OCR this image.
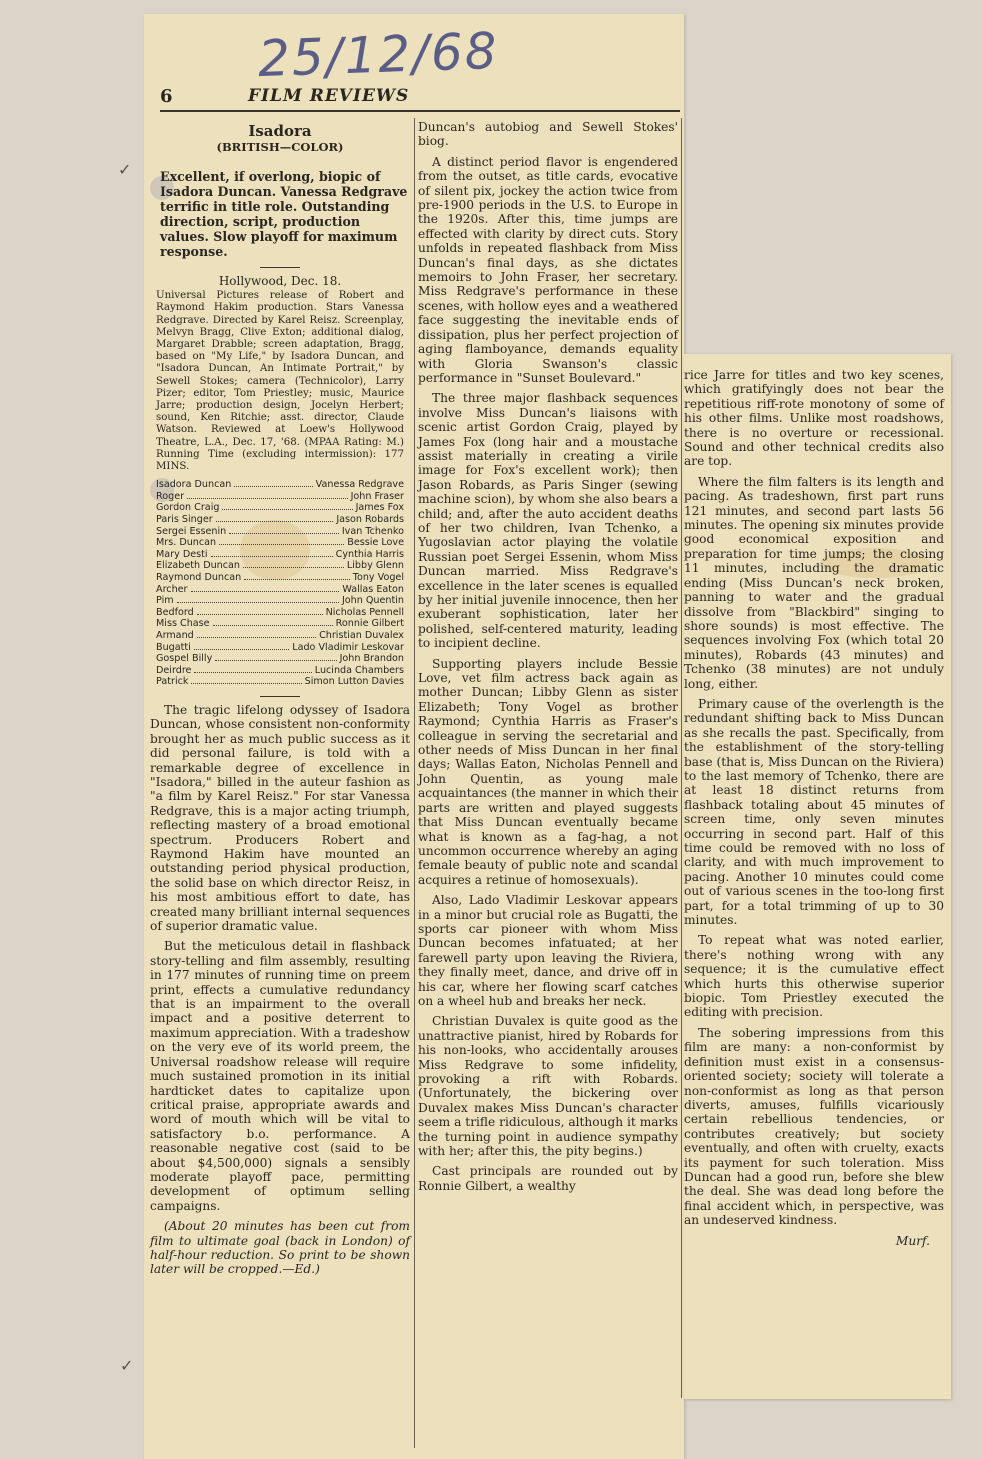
✓
✓
25/12/68
6	FILM REVIEWS
Isadora
(BRITISH—COLOR)
Excellent, if overlong, biopic of Isadora Duncan. Vanessa Redgrave terrific in title role. Outstanding direction, script, production values. Slow playoff for maximum response.
Hollywood, Dec. 18.
Universal Pictures release of Robert and Raymond Hakim production. Stars Vanessa Redgrave. Directed by Karel Reisz. Screenplay, Melvyn Bragg, Clive Exton; additional dialog, Margaret Drabble; screen adaptation, Bragg, based on "My Life," by Isadora Duncan, and "Isadora Duncan, An Intimate Portrait," by Sewell Stokes; camera (Technicolor), Larry Pizer; editor, Tom Priestley; music, Maurice Jarre; production design, Jocelyn Herbert; sound, Ken Ritchie; asst. director, Claude Watson. Reviewed at Loew's Hollywood Theatre, L.A., Dec. 17, '68. (MPAA Rating: M.) Running Time (excluding intermission): 177 MINS.
Isadora Duncan	Vanessa Redgrave
Roger	John Fraser
Gordon Craig	James Fox
Paris Singer	Jason Robards
Sergei Essenin	Ivan Tchenko
Mrs. Duncan	Bessie Love
Mary Desti	Cynthia Harris
Elizabeth Duncan	Libby Glenn
Raymond Duncan	Tony Vogel
Archer	Wallas Eaton
Pim	John Quentin
Bedford	Nicholas Pennell
Miss Chase	Ronnie Gilbert
Armand	Christian Duvalex
Bugatti	Lado Vladimir Leskovar
Gospel Billy	John Brandon
Deirdre	Lucinda Chambers
Patrick	Simon Lutton Davies

The tragic lifelong odyssey of Isadora Duncan, whose consistent non-conformity brought her as much public success as it did personal failure, is told with a remarkable degree of excellence in "Isadora," billed in the auteur fashion as "a film by Karel Reisz." For star Vanessa Redgrave, this is a major acting triumph, reflecting mastery of a broad emotional spectrum. Producers Robert and Raymond Hakim have mounted an outstanding period physical production, the solid base on which director Reisz, in his most ambitious effort to date, has created many brilliant internal sequences of superior dramatic value.

But the meticulous detail in flashback story-telling and film assembly, resulting in 177 minutes of running time on preem print, effects a cumulative redundancy that is an impairment to the overall impact and a positive deterrent to maximum appreciation. With a tradeshow on the very eve of its world preem, the Universal roadshow release will require much sustained promotion in its initial hardticket dates to capitalize upon critical praise, appropriate awards and word of mouth which will be vital to satisfactory b.o. performance. A reasonable negative cost (said to be about $4,500,000) signals a sensibly moderate playoff pace, permitting development of optimum selling campaigns.

(About 20 minutes has been cut from film to ultimate goal (back in London) of half-hour reduction. So print to be shown later will be cropped.—Ed.)

Duncan's autobiog and Sewell Stokes' biog.

A distinct period flavor is engendered from the outset, as title cards, evocative of silent pix, jockey the action twice from pre-1900 periods in the U.S. to Europe in the 1920s. After this, time jumps are effected with clarity by direct cuts. Story unfolds in repeated flashback from Miss Duncan's final days, as she dictates memoirs to John Fraser, her secretary. Miss Redgrave's performance in these scenes, with hollow eyes and a weathered face suggesting the inevitable ends of dissipation, plus her perfect projection of aging flamboyance, demands equality with Gloria Swanson's classic performance in "Sunset Boulevard."

The three major flashback sequences involve Miss Duncan's liaisons with scenic artist Gordon Craig, played by James Fox (long hair and a moustache assist materially in creating a virile image for Fox's excellent work); then Jason Robards, as Paris Singer (sewing machine scion), by whom she also bears a child; and, after the auto accident deaths of her two children, Ivan Tchenko, a Yugoslavian actor playing the volatile Russian poet Sergei Essenin, whom Miss Duncan married. Miss Redgrave's excellence in the later scenes is equalled by her initial juvenile innocence, then her exuberant sophistication, later her polished, self-centered maturity, leading to incipient decline.

Supporting players include Bessie Love, vet film actress back again as mother Duncan; Libby Glenn as sister Elizabeth; Tony Vogel as brother Raymond; Cynthia Harris as Fraser's colleague in serving the secretarial and other needs of Miss Duncan in her final days; Wallas Eaton, Nicholas Pennell and John Quentin, as young male acquaintances (the manner in which their parts are written and played suggests that Miss Duncan eventually became what is known as a fag-hag, a not uncommon occurrence whereby an aging female beauty of public note and scandal acquires a retinue of homosexuals).

Also, Lado Vladimir Leskovar appears in a minor but crucial role as Bugatti, the sports car pioneer with whom Miss Duncan becomes infatuated; at her farewell party upon leaving the Riviera, they finally meet, dance, and drive off in his car, where her flowing scarf catches on a wheel hub and breaks her neck.

Christian Duvalex is quite good as the unattractive pianist, hired by Robards for his non-looks, who accidentally arouses Miss Redgrave to some infidelity, provoking a rift with Robards. (Unfortunately, the bickering over Duvalex makes Miss Duncan's character seem a trifle ridiculous, although it marks the turning point in audience sympathy with her; after this, the pity begins.)

Cast principals are rounded out by Ronnie Gilbert, a wealthy

rice Jarre for titles and two key scenes, which gratifyingly does not bear the repetitious riff-rote monotony of some of his other films. Unlike most roadshows, there is no overture or recessional. Sound and other technical credits also are top.

Where the film falters is its length and pacing. As tradeshown, first part runs 121 minutes, and second part lasts 56 minutes. The opening six minutes provide good economical exposition and preparation for time jumps; the closing 11 minutes, including the dramatic ending (Miss Duncan's neck broken, panning to water and the gradual dissolve from "Blackbird" singing to shore sounds) is most effective. The sequences involving Fox (which total 20 minutes), Robards (43 minutes) and Tchenko (38 minutes) are not unduly long, either.

Primary cause of the overlength is the redundant shifting back to Miss Duncan as she recalls the past. Specifically, from the establishment of the story-telling base (that is, Miss Duncan on the Riviera) to the last memory of Tchenko, there are at least 18 distinct returns from flashback totaling about 45 minutes of screen time, only seven minutes occurring in second part. Half of this time could be removed with no loss of clarity, and with much improvement to pacing. Another 10 minutes could come out of various scenes in the too-long first part, for a total trimming of up to 30 minutes.

To repeat what was noted earlier, there's nothing wrong with any sequence; it is the cumulative effect which hurts this otherwise superior biopic. Tom Priestley executed the editing with precision.

The sobering impressions from this film are many: a non-conformist by definition must exist in a consensus-oriented society; society will tolerate a non-conformist as long as that person diverts, amuses, fulfills vicariously certain rebellious tendencies, or contributes creatively; but society eventually, and often with cruelty, exacts its payment for such toleration. Miss Duncan had a good run, before she blew the deal. She was dead long before the final accident which, in perspective, was an undeserved kindness.

Murf.
